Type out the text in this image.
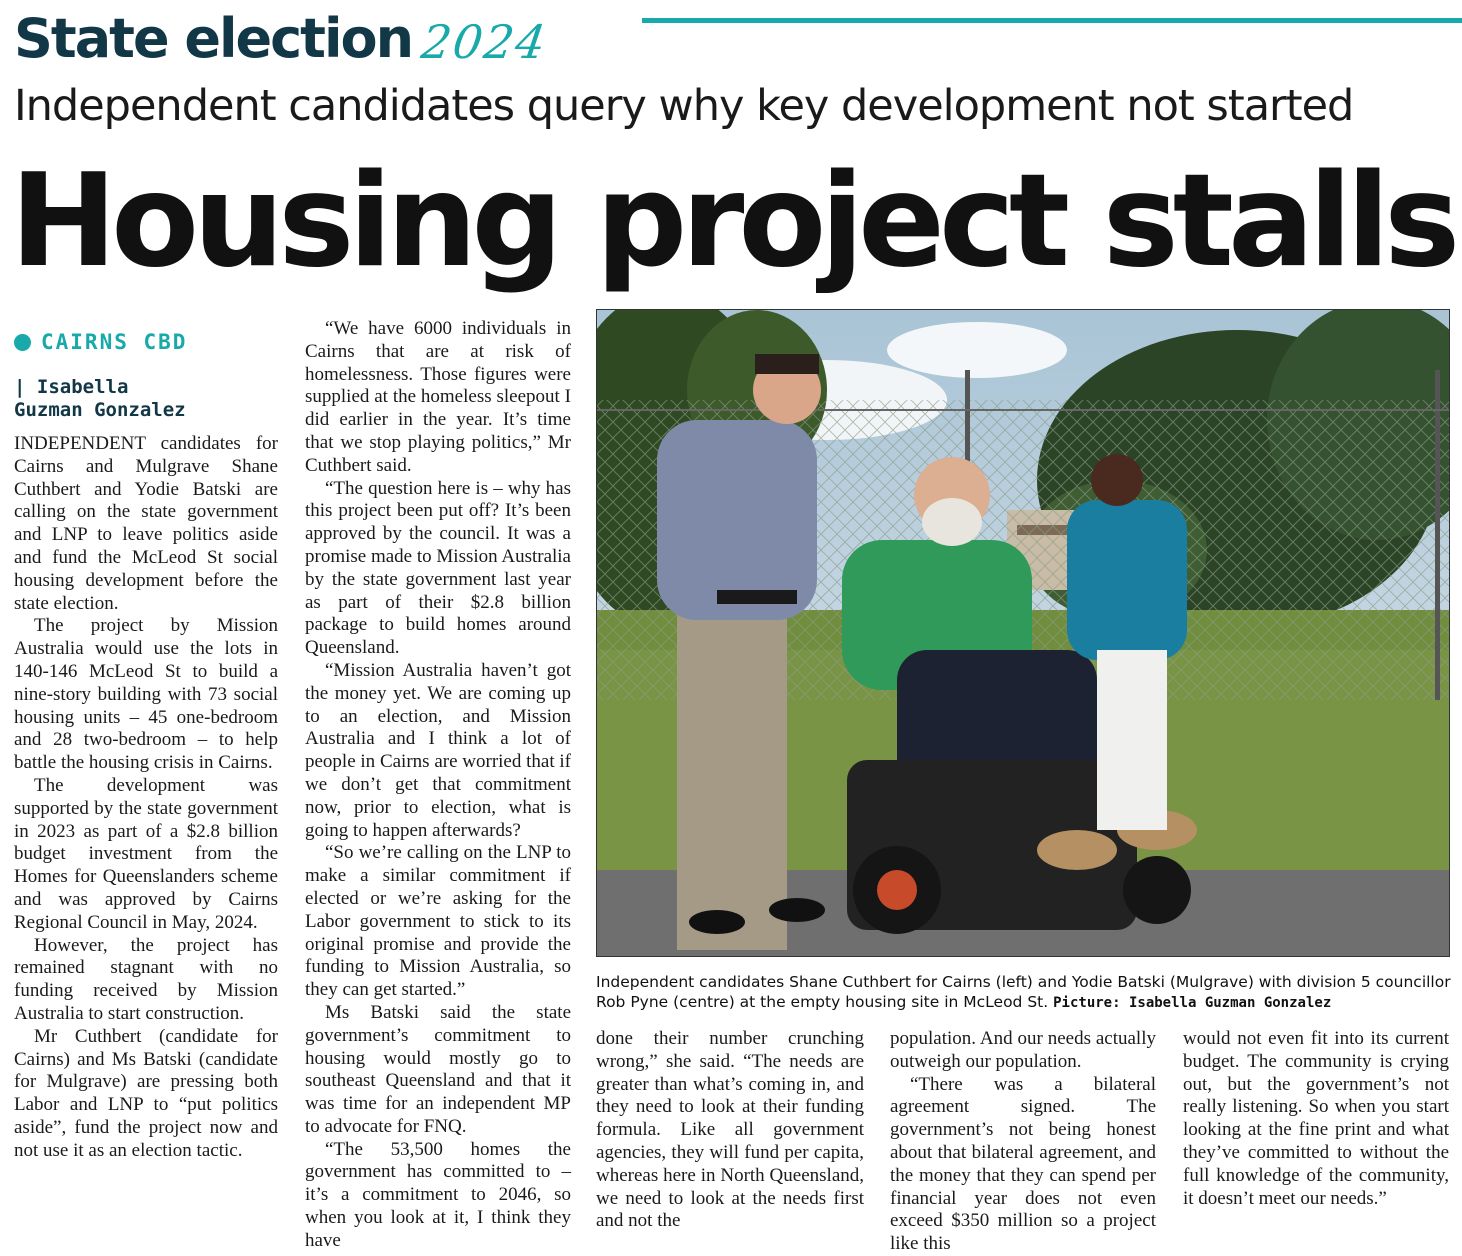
State election 2024
Independent candidates query why key development not started
Housing project stalls
CAIRNS CBD
| Isabella
Guzman Gonzalez

INDEPENDENT candidates for Cairns and Mulgrave Shane Cuthbert and Yodie Batski are calling on the state government and LNP to leave politics aside and fund the McLeod St social housing development before the state election.

The project by Mission Australia would use the lots in 140-146 McLeod St to build a nine-story building with 73 social housing units – 45 one-bedroom and 28 two-bedroom – to help battle the housing crisis in Cairns.

The development was supported by the state government in 2023 as part of a $2.8 billion budget investment from the Homes for Queenslanders scheme and was approved by Cairns Regional Council in May, 2024.

However, the project has remained stagnant with no funding received by Mission Australia to start construction.

Mr Cuthbert (candidate for Cairns) and Ms Batski (candidate for Mulgrave) are pressing both Labor and LNP to “put politics aside”, fund the project now and not use it as an election tactic.

“We have 6000 individuals in Cairns that are at risk of homelessness. Those figures were supplied at the homeless sleepout I did earlier in the year. It’s time that we stop playing politics,” Mr Cuthbert said.

“The question here is – why has this project been put off? It’s been approved by the council. It was a promise made to Mission Australia by the state government last year as part of their $2.8 billion package to build homes around Queensland.

“Mission Australia haven’t got the money yet. We are coming up to an election, and Mission Australia and I think a lot of people in Cairns are worried that if we don’t get that commitment now, prior to election, what is going to happen afterwards?

“So we’re calling on the LNP to make a similar commitment if elected or we’re asking for the Labor government to stick to its original promise and provide the funding to Mission Australia, so they can get started.”

Ms Batski said the state government’s commitment to housing would mostly go to southeast Queensland and that it was time for an independent MP to advocate for FNQ.

“The 53,500 homes the government has committed to – it’s a commitment to 2046, so when you look at it, I think they have

Independent candidates Shane Cuthbert for Cairns (left) and Yodie Batski (Mulgrave) with division 5 councillor Rob Pyne (centre) at the empty housing site in McLeod St. Picture: Isabella Guzman Gonzalez

done their number crunching wrong,” she said. “The needs are greater than what’s coming in, and they need to look at their funding formula. Like all government agencies, they will fund per capita, whereas here in North Queensland, we need to look at the needs first and not the

population. And our needs actually outweigh our population.

“There was a bilateral agreement signed. The government’s not being honest about that bilateral agreement, and the money that they can spend per financial year does not even exceed $350 million so a project like this

would not even fit into its current budget. The community is crying out, but the government’s not really listening. So when you start looking at the fine print and what they’ve committed to without the full knowledge of the community, it doesn’t meet our needs.”
